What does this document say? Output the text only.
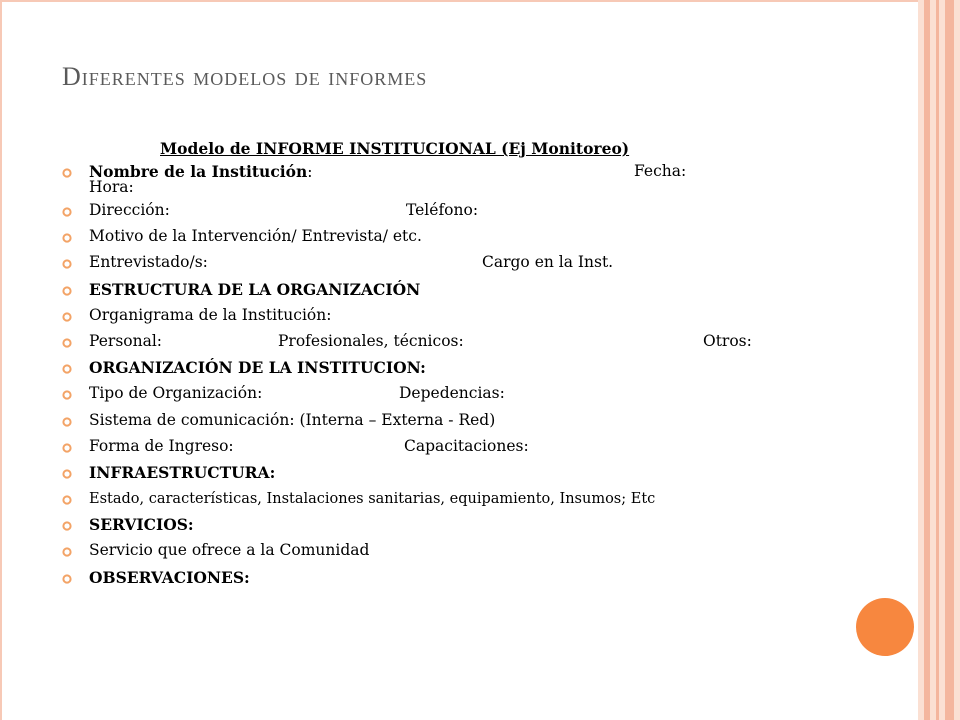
Diferentes modelos de informes
Modelo de INFORME INSTITUCIONAL (Ej Monitoreo)
Nombre de la Institución:	Fecha:
Hora:
Dirección:	Teléfono:
Motivo de la Intervención/ Entrevista/ etc.
Entrevistado/s:	Cargo en la Inst.
ESTRUCTURA DE LA ORGANIZACIÓN
Organigrama de la Institución:
Personal:	Profesionales, técnicos:	Otros:
ORGANIZACIÓN DE LA INSTITUCION:
Tipo de Organización:	Depedencias:
Sistema de comunicación: (Interna – Externa - Red)
Forma de Ingreso:	Capacitaciones:
INFRAESTRUCTURA:
Estado, características, Instalaciones sanitarias, equipamiento, Insumos; Etc
SERVICIOS:
Servicio que ofrece a la Comunidad
OBSERVACIONES:
